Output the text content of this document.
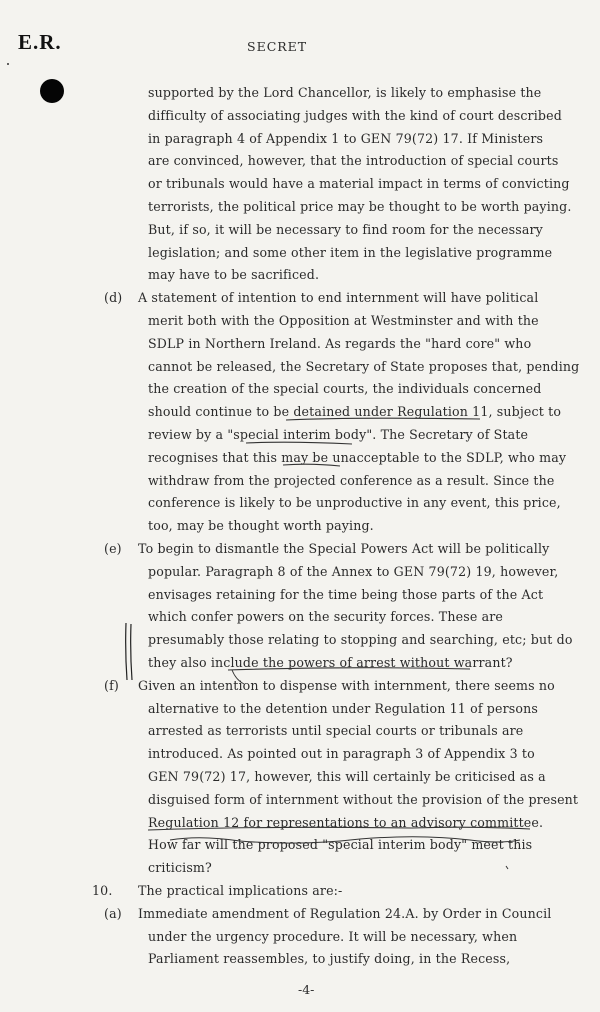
E.R.	SECRET
supported by the Lord Chancellor, is likely to emphasise the
difficulty of associating judges with the kind of court described
in paragraph 4 of Appendix 1 to GEN 79(72) 17. If Ministers
are convinced, however, that the introduction of special courts
or tribunals would have a material impact in terms of convicting
terrorists, the political price may be thought to be worth paying.
But, if so, it will be necessary to find room for the necessary
legislation; and some other item in the legislative programme
may have to be sacrificed.
(d) A statement of intention to end internment will have political
merit both with the Opposition at Westminster and with the
SDLP in Northern Ireland. As regards the "hard core" who
cannot be released, the Secretary of State proposes that, pending
the creation of the special courts, the individuals concerned
should continue to be detained under Regulation 11, subject to
review by a "special interim body". The Secretary of State
recognises that this may be unacceptable to the SDLP, who may
withdraw from the projected conference as a result. Since the
conference is likely to be unproductive in any event, this price,
too, may be thought worth paying.
(e) To begin to dismantle the Special Powers Act will be politically
popular. Paragraph 8 of the Annex to GEN 79(72) 19, however,
envisages retaining for the time being those parts of the Act
which confer powers on the security forces. These are
presumably those relating to stopping and searching, etc; but do
they also include the powers of arrest without warrant?
(f) Given an intention to dispense with internment, there seems no
alternative to the detention under Regulation 11 of persons
arrested as terrorists until special courts or tribunals are
introduced. As pointed out in paragraph 3 of Appendix 3 to
GEN 79(72) 17, however, this will certainly be criticised as a
disguised form of internment without the provision of the present
Regulation 12 for representations to an advisory committee.
How far will the proposed "special interim body" meet this
criticism?
10. The practical implications are:-
(a) Immediate amendment of Regulation 24.A. by Order in Council
under the urgency procedure. It will be necessary, when
Parliament reassembles, to justify doing, in the Recess,
-4-
